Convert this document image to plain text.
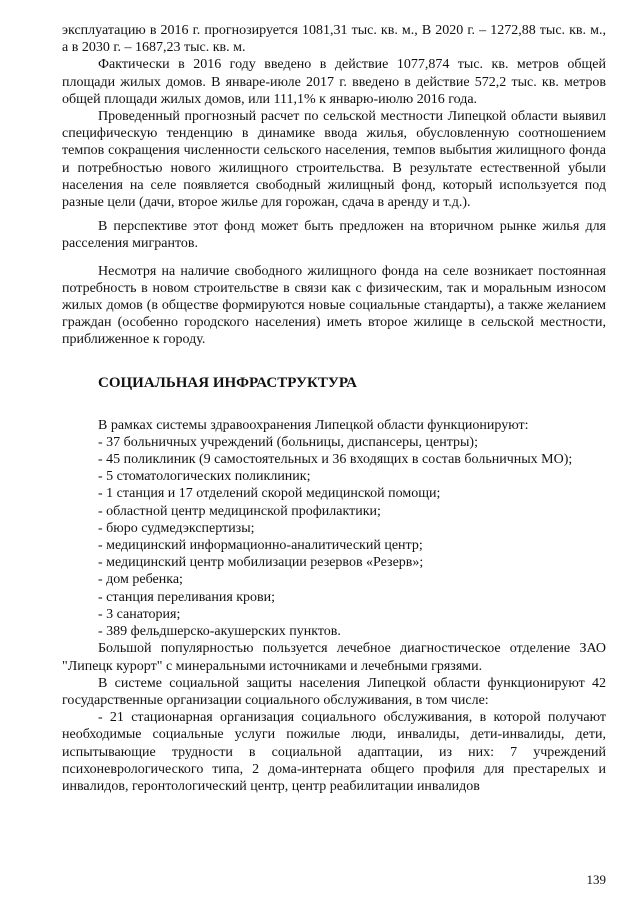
эксплуатацию в 2016 г. прогнозируется 1081,31 тыс. кв. м., В 2020 г. – 1272,88 тыс. кв. м., а в 2030 г. – 1687,23 тыс. кв. м.

Фактически в 2016 году введено в действие 1077,874 тыс. кв. метров общей площади жилых домов. В январе-июле 2017 г. введено в действие 572,2 тыс. кв. метров общей площади жилых домов, или 111,1% к январю-июлю 2016 года.

Проведенный прогнозный расчет по сельской местности Липецкой области выявил специфическую тенденцию в динамике ввода жилья, обусловленную соотношением темпов сокращения численности сельского населения, темпов выбытия жилищного фонда и потребностью нового жилищного строительства. В результате естественной убыли населения на селе появляется свободный жилищный фонд, который используется под разные цели (дачи, второе жилье для горожан, сдача в аренду и т.д.).

В перспективе этот фонд может быть предложен на вторичном рынке жилья для расселения мигрантов.

Несмотря на наличие свободного жилищного фонда на селе возникает постоянная потребность в новом строительстве в связи как с физическим, так и моральным износом жилых домов (в обществе формируются новые социальные стандарты), а также желанием граждан (особенно городского населения) иметь второе жилище в сельской местности, приближенное к городу.

СОЦИАЛЬНАЯ ИНФРАСТРУКТУРА

В рамках системы здравоохранения Липецкой области функционируют:

- 37 больничных учреждений (больницы, диспансеры, центры);
- 45 поликлиник (9 самостоятельных и 36 входящих в состав больничных МО);
- 5 стоматологических поликлиник;
- 1 станция и 17 отделений скорой медицинской помощи;
- областной центр медицинской профилактики;
- бюро судмедэкспертизы;
- медицинский информационно-аналитический центр;
- медицинский центр мобилизации резервов «Резерв»;
- дом ребенка;
- станция переливания крови;
- 3 санатория;
- 389 фельдшерско-акушерских пунктов.

Большой популярностью пользуется лечебное диагностическое отделение ЗАО "Липецк курорт" с минеральными источниками и лечебными грязями.

В системе социальной защиты населения Липецкой области функционируют 42 государственные организации социального обслуживания, в том числе:

- 21 стационарная организация социального обслуживания, в которой получают необходимые социальные услуги пожилые люди, инвалиды, дети-инвалиды, дети, испытывающие трудности в социальной адаптации, из них: 7 учреждений психоневрологического типа, 2 дома-интерната общего профиля для престарелых и инвалидов, геронтологический центр, центр реабилитации инвалидов

139
